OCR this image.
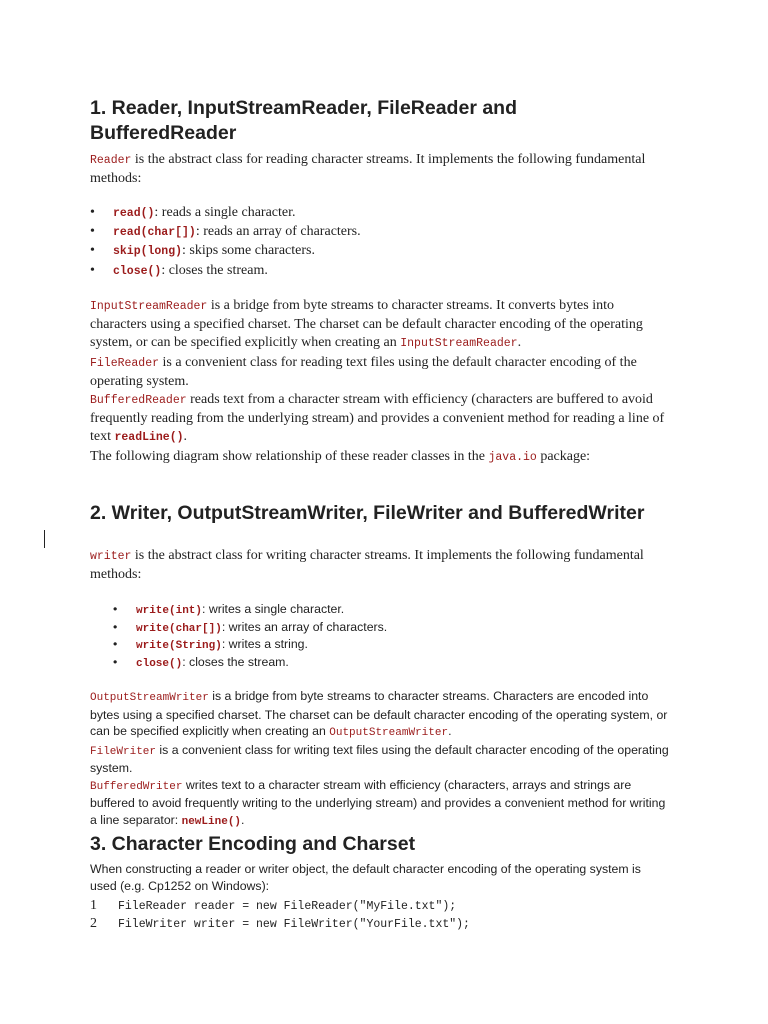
1. Reader, InputStreamReader, FileReader and BufferedReader

Reader is the abstract class for reading character streams. It implements the following fundamental methods:

• read(): reads a single character.
• read(char[]): reads an array of characters.
• skip(long): skips some characters.
• close(): closes the stream.

InputStreamReader is a bridge from byte streams to character streams. It converts bytes into characters using a specified charset. The charset can be default character encoding of the operating system, or can be specified explicitly when creating an InputStreamReader.
FileReader is a convenient class for reading text files using the default character encoding of the operating system.
BufferedReader reads text from a character stream with efficiency (characters are buffered to avoid frequently reading from the underlying stream) and provides a convenient method for reading a line of text readLine().
The following diagram show relationship of these reader classes in the java.io package:

2. Writer, OutputStreamWriter, FileWriter and BufferedWriter

writer is the abstract class for writing character streams. It implements the following fundamental methods:

• write(int): writes a single character.
• write(char[]): writes an array of characters.
• write(String): writes a string.
• close(): closes the stream.

OutputStreamWriter is a bridge from byte streams to character streams. Characters are encoded into bytes using a specified charset. The charset can be default character encoding of the operating system, or can be specified explicitly when creating an OutputStreamWriter.
FileWriter is a convenient class for writing text files using the default character encoding of the operating system.
BufferedWriter writes text to a character stream with efficiency (characters, arrays and strings are buffered to avoid frequently writing to the underlying stream) and provides a convenient method for writing a line separator: newLine().

3. Character Encoding and Charset

When constructing a reader or writer object, the default character encoding of the operating system is used (e.g. Cp1252 on Windows):

1 FileReader reader = new FileReader("MyFile.txt");
2 FileWriter writer = new FileWriter("YourFile.txt");
